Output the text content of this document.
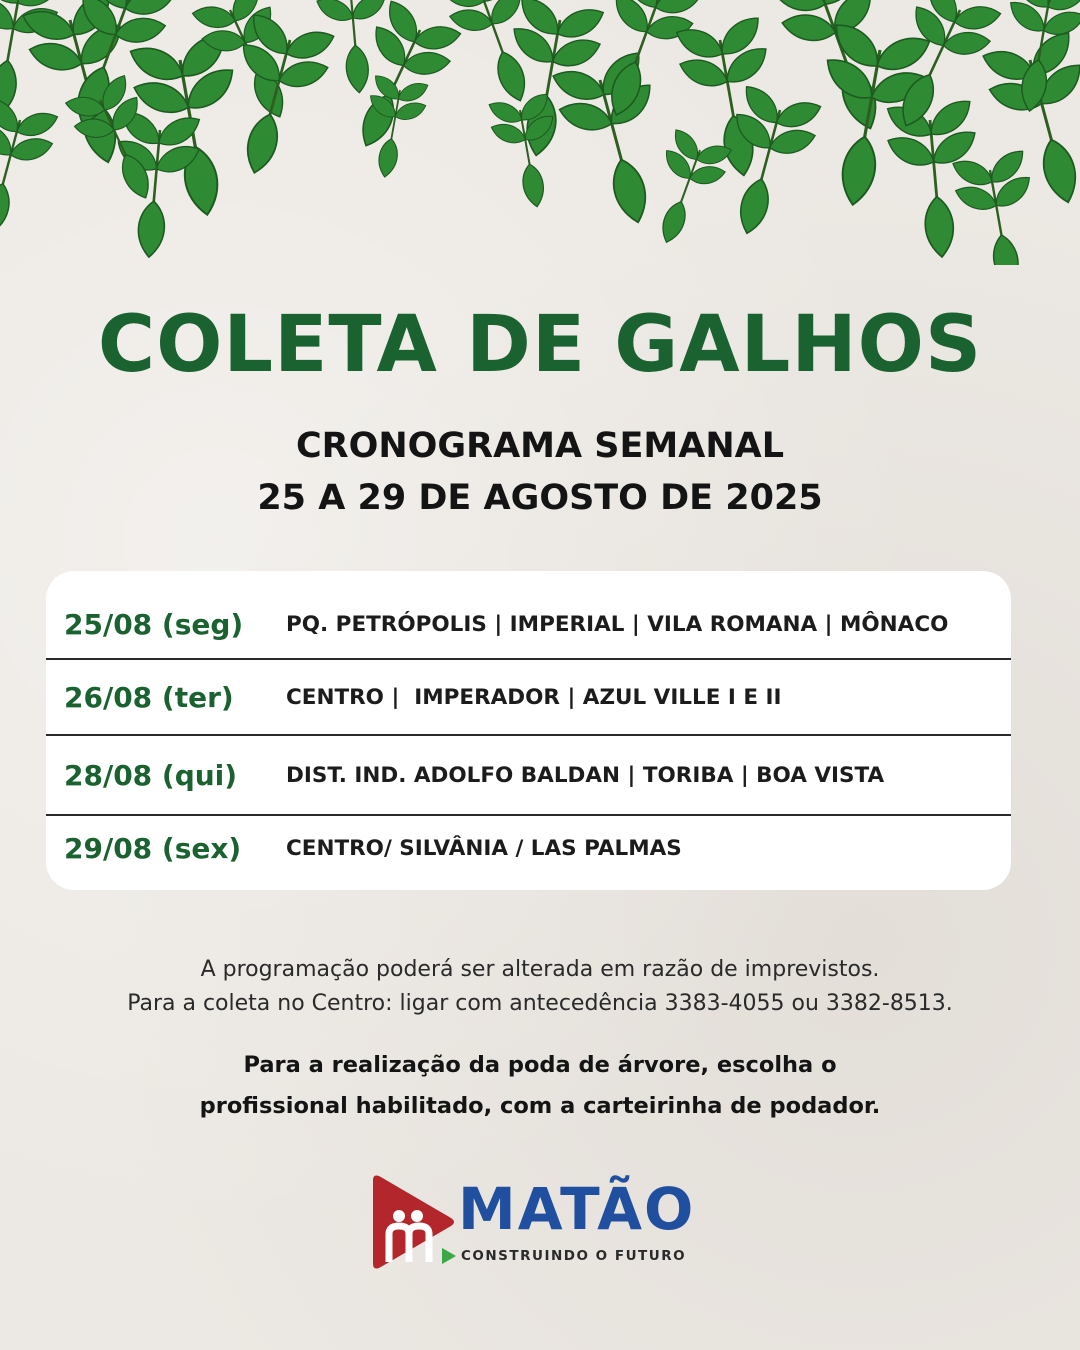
COLETA DE GALHOS
CRONOGRAMA SEMANAL
25 A 29 DE AGOSTO DE 2025
25/08 (seg)	PQ. PETRÓPOLIS | IMPERIAL | VILA ROMANA | MÔNACO
26/08 (ter)	CENTRO |  IMPERADOR | AZUL VILLE I E II
28/08 (qui)	DIST. IND. ADOLFO BALDAN | TORIBA | BOA VISTA
29/08 (sex)	CENTRO/ SILVÂNIA / LAS PALMAS
A programação poderá ser alterada em razão de imprevistos.
Para a coleta no Centro: ligar com antecedência 3383-4055 ou 3382-8513.
Para a realização da poda de árvore, escolha o
profissional habilitado, com a carteirinha de podador.
MATÃO
CONSTRUINDO O FUTURO
